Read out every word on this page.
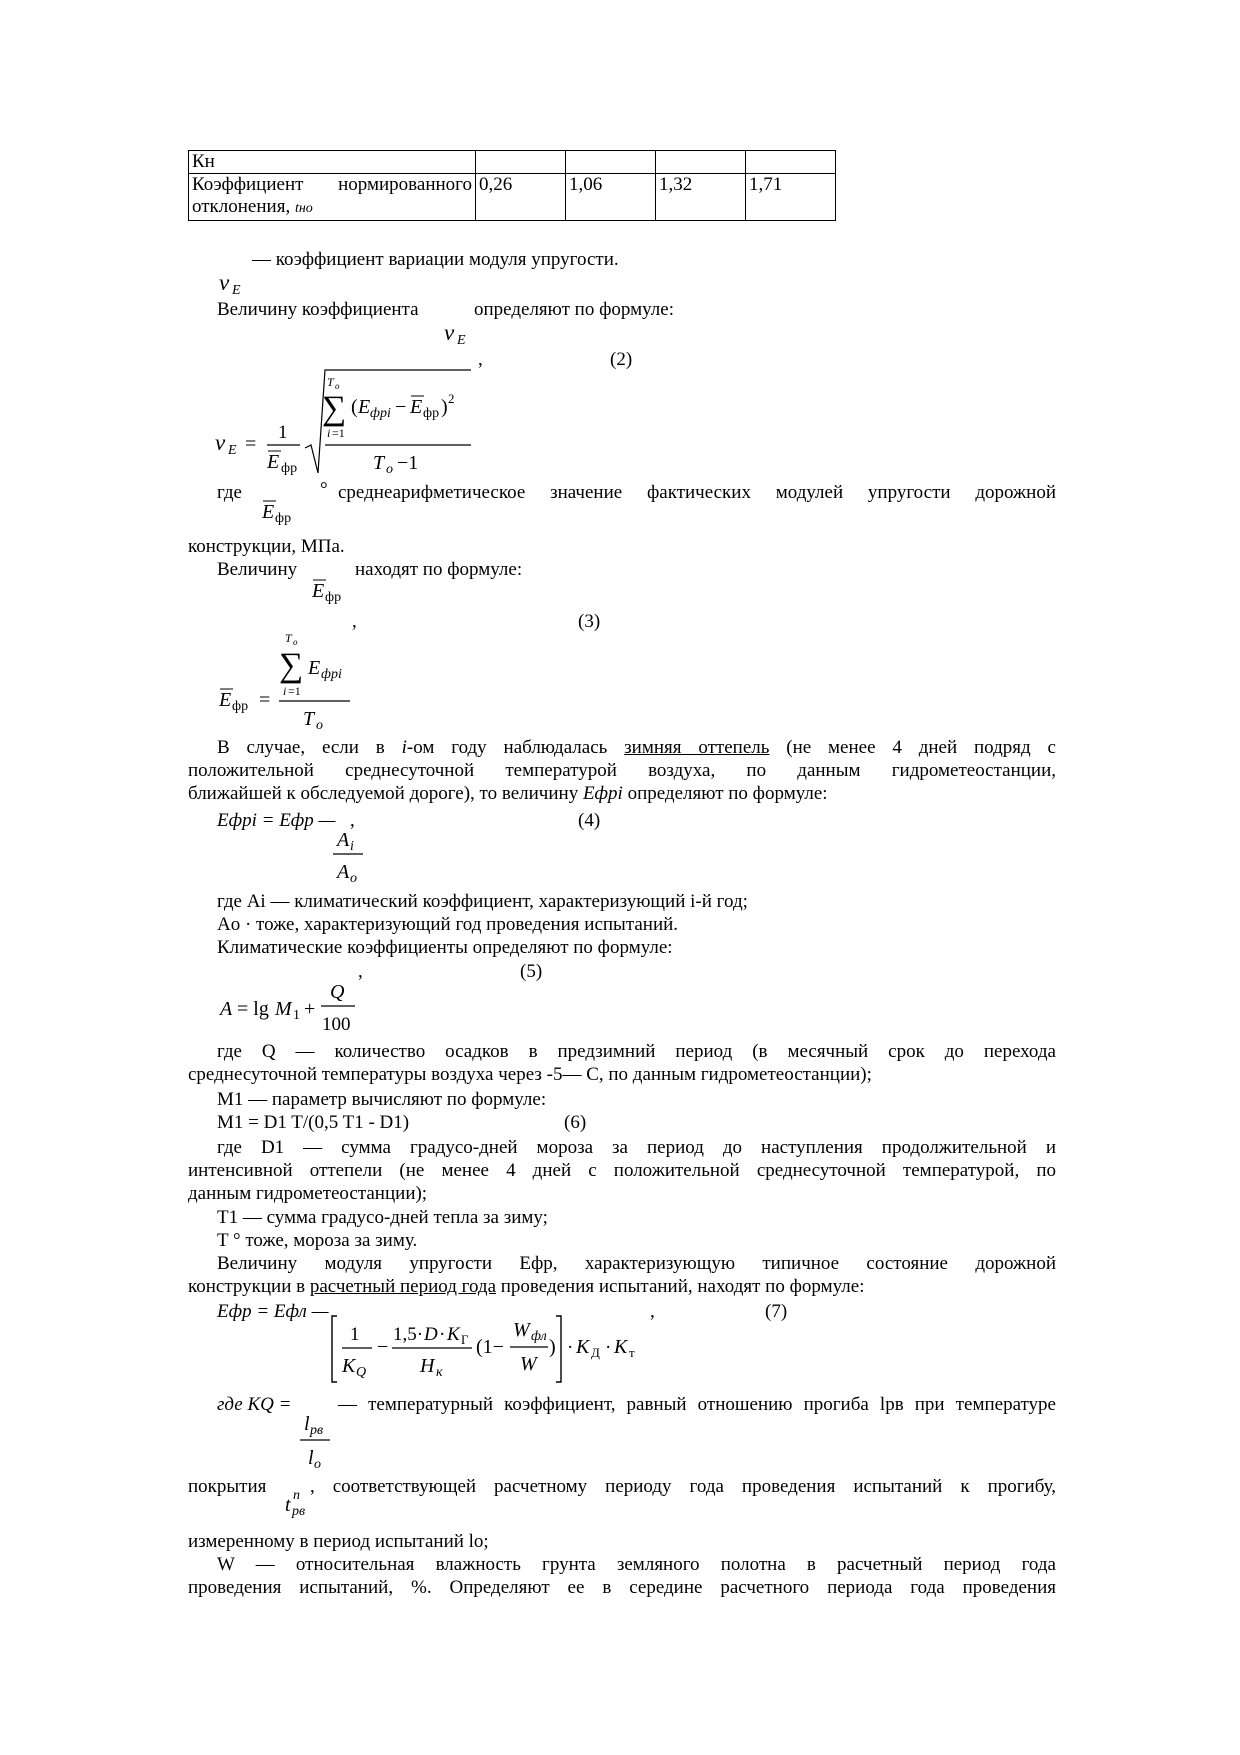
Кн				
Коэффициент нормированного отклонения, tно	0,26	1,06	1,32	1,71
— коэффициент вариации модуля упругости.
ν E
Величину коэффициента	определяют по формуле:
ν E
,	(2)
ν E =
1
E фр
T o
∑
i =1
( E фрi − E фр ) 2
T o −1
где	° среднеарифметическое значение фактических модулей упругости дорожной
E фр
конструкции, МПа.
Величину	находят по формуле:
E фр
,	(3)
E фр =
T o
∑
i =1
E фрi
T o
В случае, если в i-ом году наблюдалась зимняя оттепель (не менее 4 дней подряд с
положительной среднесуточной температурой воздуха, по данным гидрометеостанции,
ближайшей к обследуемой дороге), то величину Eфрi определяют по формуле:
Eфрi = Eфр — ,	(4)
A i
A o
где Ai — климатический коэффициент, характеризующий i-й год;
Ao · тоже, характеризующий год проведения испытаний.
Климатические коэффициенты определяют по формуле:
,	(5)
A = lg M 1 +
Q
100
где Q — количество осадков в предзимний период (в месячный срок до перехода
среднесуточной температуры воздуха через -5— С, по данным гидрометеостанции);
M1 — параметр вычисляют по формуле:
M1 = D1 T/(0,5 T1 - D1)	(6)
где D1 — сумма градусо-дней мороза за период до наступления продолжительной и
интенсивной оттепели (не менее 4 дней с положительной среднесуточной температурой, по
данным гидрометеостанции);
T1 — сумма градусо-дней тепла за зиму;
T ° тоже, мороза за зиму.
Величину модуля упругости Eфр, характеризующую типичное состояние дорожной
конструкции в расчетный период года проведения испытаний, находят по формуле:
Eфр = Eфл —	,	(7)
1
K Q
−
1,5· D · K Г
H к
(1−
W фл
W
) · K Д · K т
где KQ = — температурный коэффициент, равный отношению прогиба lрв при температуре
l рв
l o
покрытия , соответствующей расчетному периоду года проведения испытаний к прогибу,
t n
рв
измеренному в период испытаний lo;
W — относительная влажность грунта земляного полотна в расчетный период года
проведения испытаний, %. Определяют ее в середине расчетного периода года проведения
